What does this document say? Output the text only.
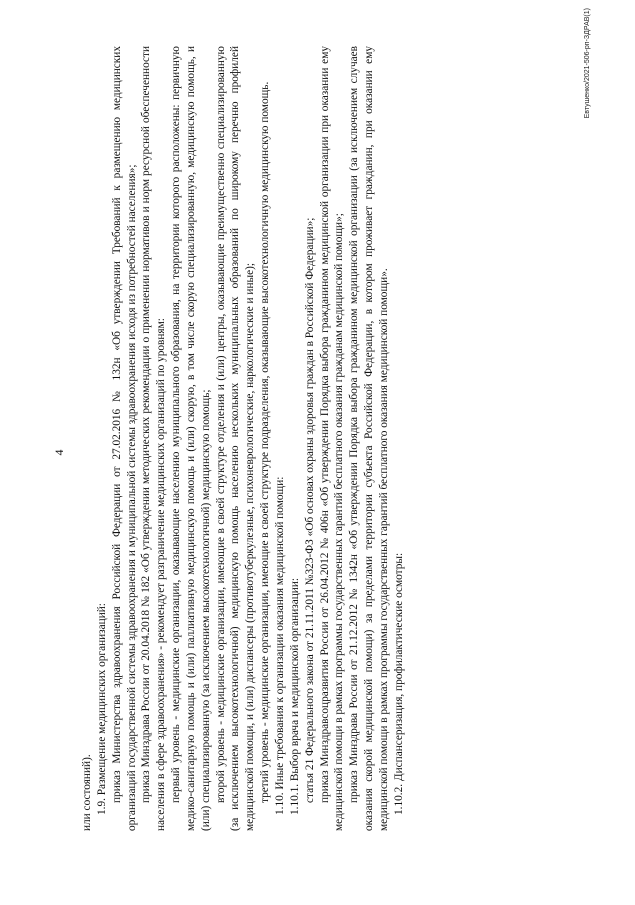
4

или состояний). 1.9. Размещение медицинских организаций: приказ Министерства здравоохранения Российской Федерации от 27.02.2016 № 132н «Об утверждении Требований к размещению медицинских организаций государственной системы здравоохранения и муниципальной системы здравоохранения исходя из потребностей населения»; приказ Минздрава России от 20.04.2018 № 182 «Об утверждении методических рекомендации о применении нормативов и норм ресурсной обеспеченности населения в сфере здравоохранения» - рекомендует разграничение медицинских организаций по уровням: первый уровень - медицинские организации, оказывающие населению муниципального образования, на территории которого расположены: первичную медико-санитарную помощь и (или) паллиативную медицинскую помощь и (или) скорую, в том числе скорую специализированную, медицинскую помощь, и (или) специализированную (за исключением высокотехнологичной) медицинскую помощь; второй уровень - медицинские организации, имеющие в своей структуре отделения и (или) центры, оказывающие преимущественно специализированную (за исключением высокотехнологичной) медицинскую помощь населению нескольких муниципальных образований по широкому перечню профилей медицинской помощи, и (или) диспансеры (противотуберкулезные, психоневрологические, наркологические и иные); третий уровень - медицинские организации, имеющие в своей структуре подразделения, оказывающие высокотехнологичную медицинскую помощь. 1.10. Иные требования к организации оказания медицинской помощи: 1.10.1. Выбор врача и медицинской организации: статья 21 Федерального закона от 21.11.2011 №323-ФЗ «Об основах охраны здоровья граждан в Российской Федерации»; приказ Минздравсоцразвития России от 26.04.2012 № 406н «Об утверждении Порядка выбора гражданином медицинской организации при оказании ему медицинской помощи в рамках программы государственных гарантий бесплатного оказания гражданам медицинской помощи»; приказ Минздрава России от 21.12.2012 № 1342н «Об утверждении Порядка выбора гражданином медицинской организации (за исключением случаев оказания скорой медицинской помощи) за пределами территории субъекта Российской Федерации, в котором проживает гражданин, при оказании ему медицинской помощи в рамках программы государственных гарантий бесплатного оказания медицинской помощи». 1.10.2. Диспансеризация, профилактические осмотры:

Евтушенко/2021-506-рп-ЗДРАВ(1)
